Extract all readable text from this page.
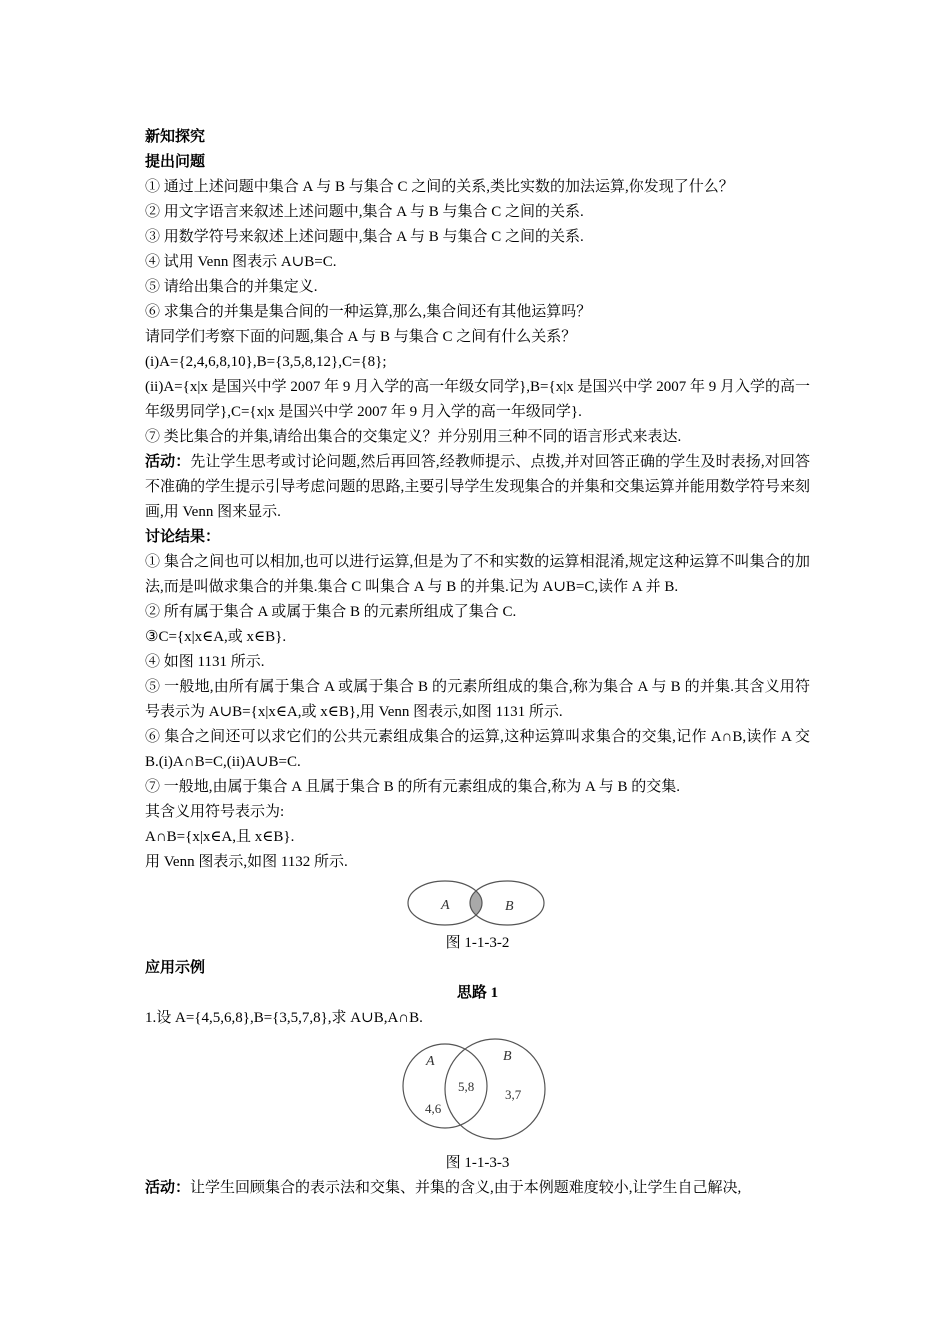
新知探究
提出问题
① 通过上述问题中集合 A 与 B 与集合 C 之间的关系,类比实数的加法运算,你发现了什么？
② 用文字语言来叙述上述问题中,集合 A 与 B 与集合 C 之间的关系.
③ 用数学符号来叙述上述问题中,集合 A 与 B 与集合 C 之间的关系.
④ 试用 Venn 图表示 A∪B=C.
⑤ 请给出集合的并集定义.
⑥ 求集合的并集是集合间的一种运算,那么,集合间还有其他运算吗？
请同学们考察下面的问题,集合 A 与 B 与集合 C 之间有什么关系？
(i)A={2,4,6,8,10},B={3,5,8,12},C={8};
(ii)A={x|x 是国兴中学 2007 年 9 月入学的高一年级女同学},B={x|x 是国兴中学 2007 年 9 月入学的高一年级男同学},C={x|x 是国兴中学 2007 年 9 月入学的高一年级同学}.
⑦ 类比集合的并集,请给出集合的交集定义？并分别用三种不同的语言形式来表达.
活动：先让学生思考或讨论问题,然后再回答,经教师提示、点拨,并对回答正确的学生及时表扬,对回答不准确的学生提示引导考虑问题的思路,主要引导学生发现集合的并集和交集运算并能用数学符号来刻画,用 Venn 图来显示.
讨论结果：
① 集合之间也可以相加,也可以进行运算,但是为了不和实数的运算相混淆,规定这种运算不叫集合的加法,而是叫做求集合的并集.集合 C 叫集合 A 与 B 的并集.记为 A∪B=C,读作 A 并 B.
② 所有属于集合 A 或属于集合 B 的元素所组成了集合 C.
③C={x|x∈A,或 x∈B}.
④ 如图 1131 所示.
⑤ 一般地,由所有属于集合 A 或属于集合 B 的元素所组成的集合,称为集合 A 与 B 的并集.其含义用符号表示为 A∪B={x|x∈A,或 x∈B},用 Venn 图表示,如图 1131 所示.
⑥ 集合之间还可以求它们的公共元素组成集合的运算,这种运算叫求集合的交集,记作 A∩B,读作 A 交 B.(i)A∩B=C,(ii)A∪B=C.
⑦ 一般地,由属于集合 A 且属于集合 B 的所有元素组成的集合,称为 A 与 B 的交集.
其含义用符号表示为:
A∩B={x|x∈A,且 x∈B}.
用 Venn 图表示,如图 1132 所示.
A	B
图 1-1-3-2
应用示例
思路 1
1.设 A={4,5,6,8},B={3,5,7,8},求 A∪B,A∩B.
A	B
4,6
5,8
3,7
图 1-1-3-3
活动：让学生回顾集合的表示法和交集、并集的含义,由于本例题难度较小,让学生自己解决,
